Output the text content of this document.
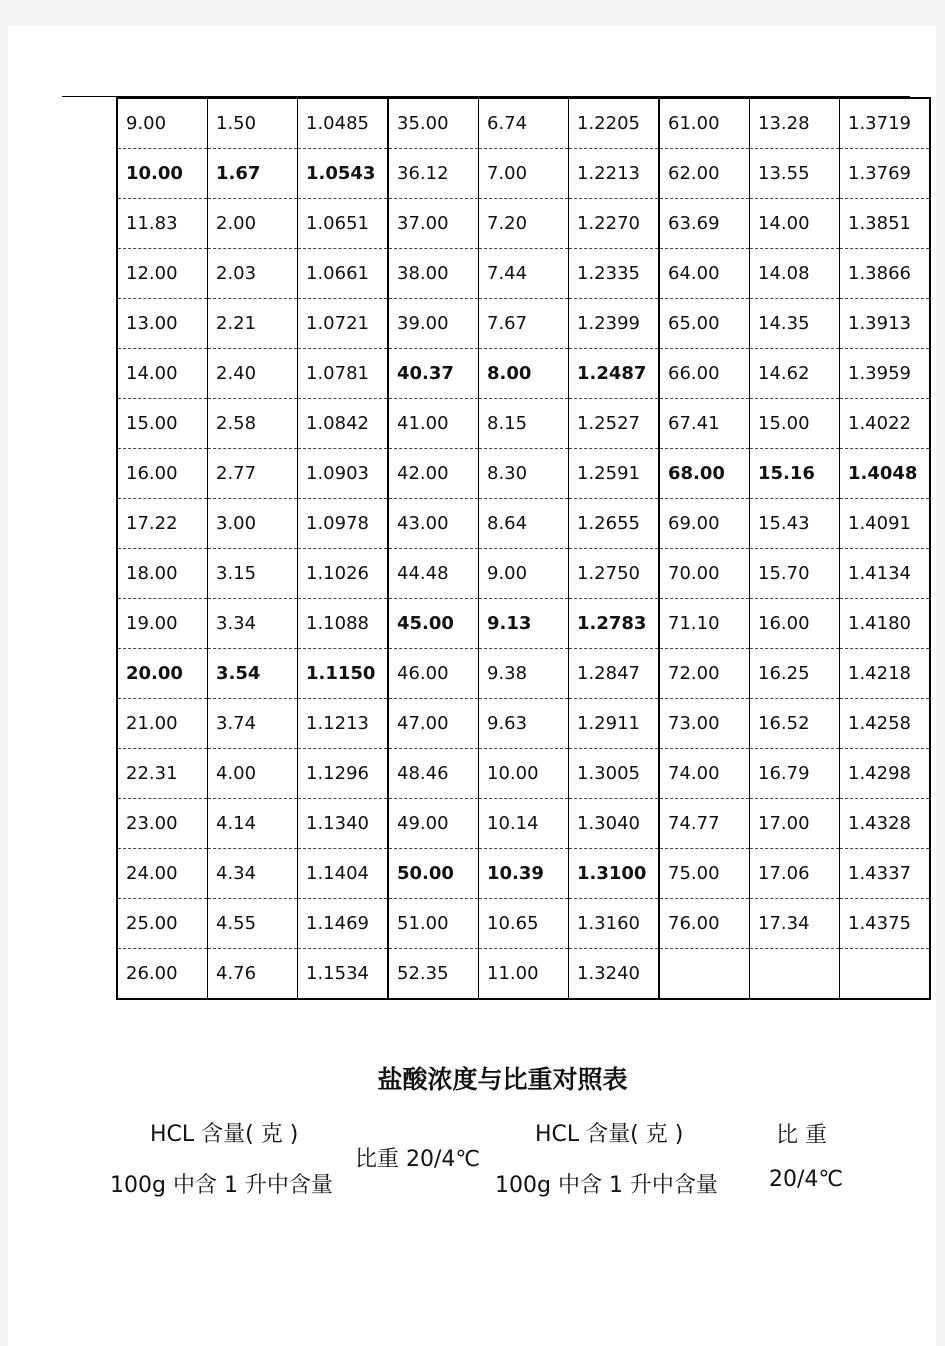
9.00	1.50	1.0485	35.00	6.74	1.2205	61.00	13.28	1.3719
10.00	1.67	1.0543	36.12	7.00	1.2213	62.00	13.55	1.3769
11.83	2.00	1.0651	37.00	7.20	1.2270	63.69	14.00	1.3851
12.00	2.03	1.0661	38.00	7.44	1.2335	64.00	14.08	1.3866
13.00	2.21	1.0721	39.00	7.67	1.2399	65.00	14.35	1.3913
14.00	2.40	1.0781	40.37	8.00	1.2487	66.00	14.62	1.3959
15.00	2.58	1.0842	41.00	8.15	1.2527	67.41	15.00	1.4022
16.00	2.77	1.0903	42.00	8.30	1.2591	68.00	15.16	1.4048
17.22	3.00	1.0978	43.00	8.64	1.2655	69.00	15.43	1.4091
18.00	3.15	1.1026	44.48	9.00	1.2750	70.00	15.70	1.4134
19.00	3.34	1.1088	45.00	9.13	1.2783	71.10	16.00	1.4180
20.00	3.54	1.1150	46.00	9.38	1.2847	72.00	16.25	1.4218
21.00	3.74	1.1213	47.00	9.63	1.2911	73.00	16.52	1.4258
22.31	4.00	1.1296	48.46	10.00	1.3005	74.00	16.79	1.4298
23.00	4.14	1.1340	49.00	10.14	1.3040	74.77	17.00	1.4328
24.00	4.34	1.1404	50.00	10.39	1.3100	75.00	17.06	1.4337
25.00	4.55	1.1469	51.00	10.65	1.3160	76.00	17.34	1.4375
26.00	4.76	1.1534	52.35	11.00	1.3240			
盐酸浓度与比重对照表
HCL 含量( 克 )
100g 中含 1 升中含量
比重 20/4℃
HCL 含量( 克 )
100g 中含 1 升中含量
比 重
20/4℃
